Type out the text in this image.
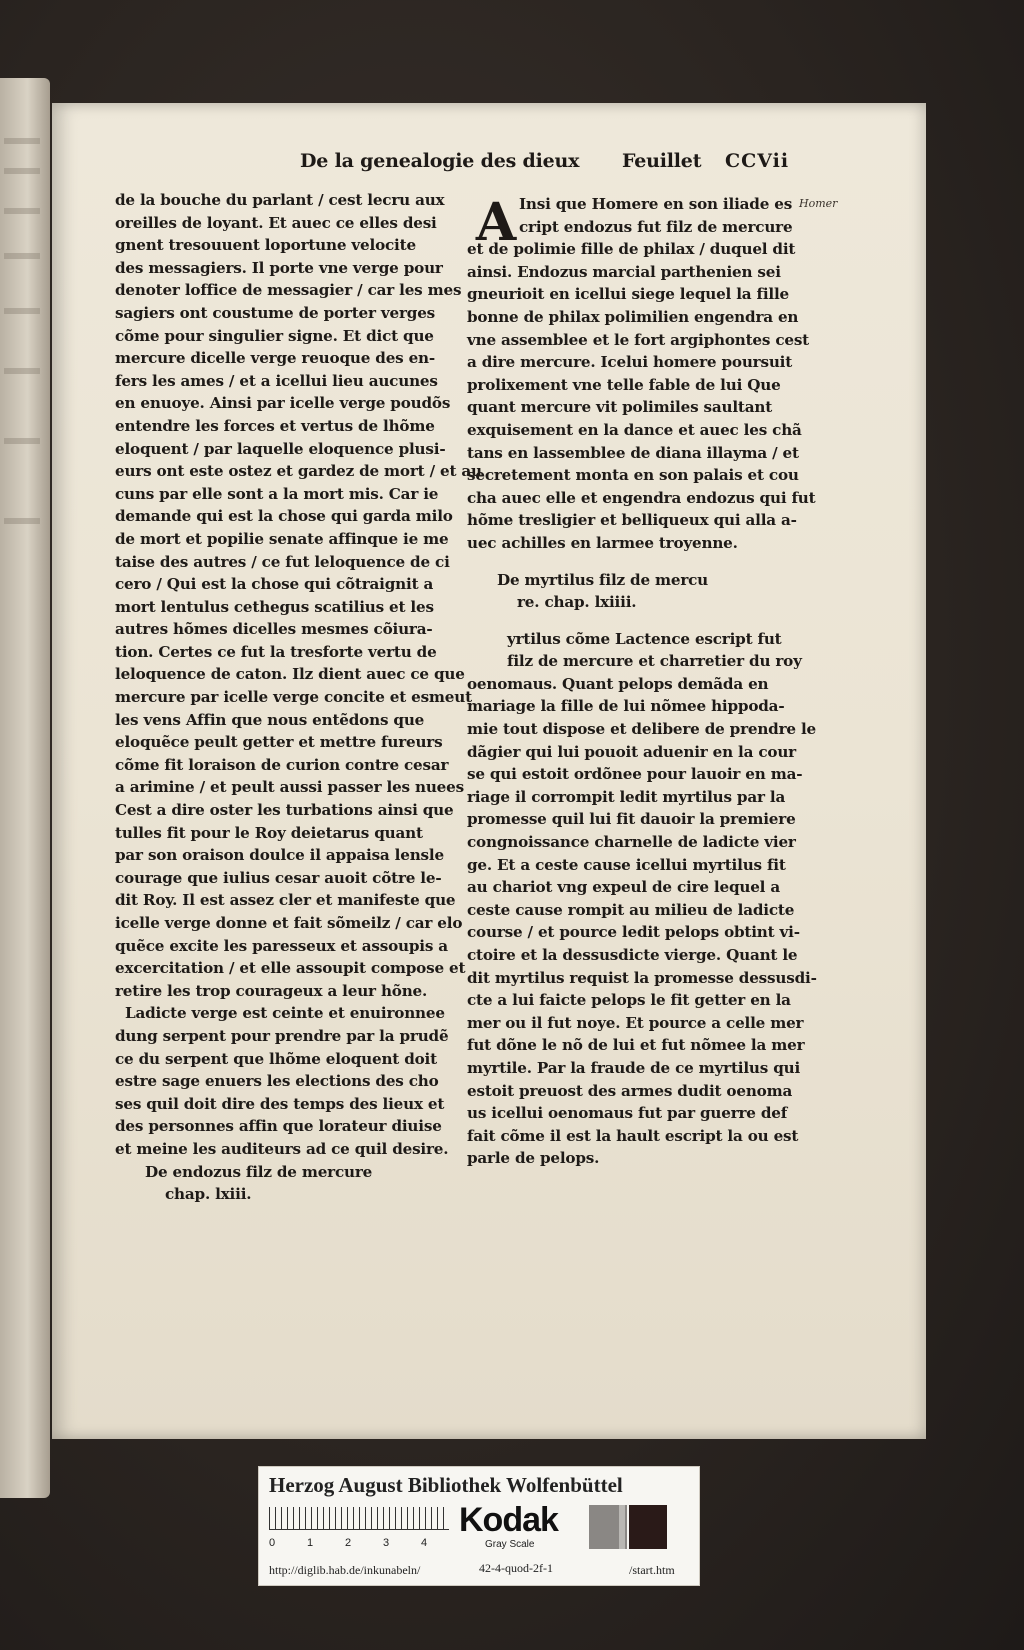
De la genealogie des dieux Feuillet CCVii
Homer
de la bouche du parlant / cest lecru aux
oreilles de loyant. Et auec ce elles desi
gnent tresouuent loportune velocite
des messagiers. Il porte vne verge pour
denoter loffice de messagier / car les mes
sagiers ont coustume de porter verges
cõme pour singulier signe. Et dict que
mercure dicelle verge reuoque des en-
fers les ames / et a icellui lieu aucunes
en enuoye. Ainsi par icelle verge poudõs
entendre les forces et vertus de lhõme
eloquent / par laquelle eloquence plusi-
eurs ont este ostez et gardez de mort / et au
cuns par elle sont a la mort mis. Car ie
demande qui est la chose qui garda milo
de mort et popilie senate affinque ie me
taise des autres / ce fut leloquence de ci
cero / Qui est la chose qui cõtraignit a
mort lentulus cethegus scatilius et les
autres hõmes dicelles mesmes cõiura-
tion. Certes ce fut la tresforte vertu de
leloquence de caton. Ilz dient auec ce que
mercure par icelle verge concite et esmeut
les vens Affin que nous entẽdons que
eloquẽce peult getter et mettre fureurs
cõme fit loraison de curion contre cesar
a arimine / et peult aussi passer les nuees
Cest a dire oster les turbations ainsi que
tulles fit pour le Roy deietarus quant
par son oraison doulce il appaisa lensle
courage que iulius cesar auoit cõtre le-
dit Roy. Il est assez cler et manifeste que
icelle verge donne et fait sõmeilz / car elo
quẽce excite les paresseux et assoupis a
excercitation / et elle assoupit compose et
retire les trop courageux a leur hõne.
Ladicte verge est ceinte et enuironnee
dung serpent pour prendre par la prudẽ
ce du serpent que lhõme eloquent doit
estre sage enuers les elections des cho
ses quil doit dire des temps des lieux et
des personnes affin que lorateur diuise
et meine les auditeurs ad ce quil desire.
De endozus filz de mercure
chap. lxiii.
A Insi que Homere en son iliade es
cript endozus fut filz de mercure
et de polimie fille de philax / duquel dit
ainsi. Endozus marcial parthenien sei
gneurioit en icellui siege lequel la fille
bonne de philax polimilien engendra en
vne assemblee et le fort argiphontes cest
a dire mercure. Icelui homere poursuit
prolixement vne telle fable de lui Que
quant mercure vit polimiles saultant
exquisement en la dance et auec les chã
tans en lassemblee de diana illayma / et
secretement monta en son palais et cou
cha auec elle et engendra endozus qui fut
hõme tresligier et belliqueux qui alla a-
uec achilles en larmee troyenne.
De myrtilus filz de mercu
re. chap. lxiiii.
yrtilus cõme Lactence escript fut
filz de mercure et charretier du roy
oenomaus. Quant pelops demãda en
mariage la fille de lui nõmee hippoda-
mie tout dispose et delibere de prendre le
dãgier qui lui pouoit aduenir en la cour
se qui estoit ordõnee pour lauoir en ma-
riage il corrompit ledit myrtilus par la
promesse quil lui fit dauoir la premiere
congnoissance charnelle de ladicte vier
ge. Et a ceste cause icellui myrtilus fit
au chariot vng expeul de cire lequel a
ceste cause rompit au milieu de ladicte
course / et pource ledit pelops obtint vi-
ctoire et la dessusdicte vierge. Quant le
dit myrtilus requist la promesse dessusdi-
cte a lui faicte pelops le fit getter en la
mer ou il fut noye. Et pource a celle mer
fut dõne le nõ de lui et fut nõmee la mer
myrtile. Par la fraude de ce myrtilus qui
estoit preuost des armes dudit oenoma
us icellui oenomaus fut par guerre def
fait cõme il est la hault escript la ou est
parle de pelops.
Herzog August Bibliothek Wolfenbüttel
0	1	2	3	4
Kodak
Gray Scale
http://diglib.hab.de/inkunabeln/	42-4-quod-2f-1	/start.htm
